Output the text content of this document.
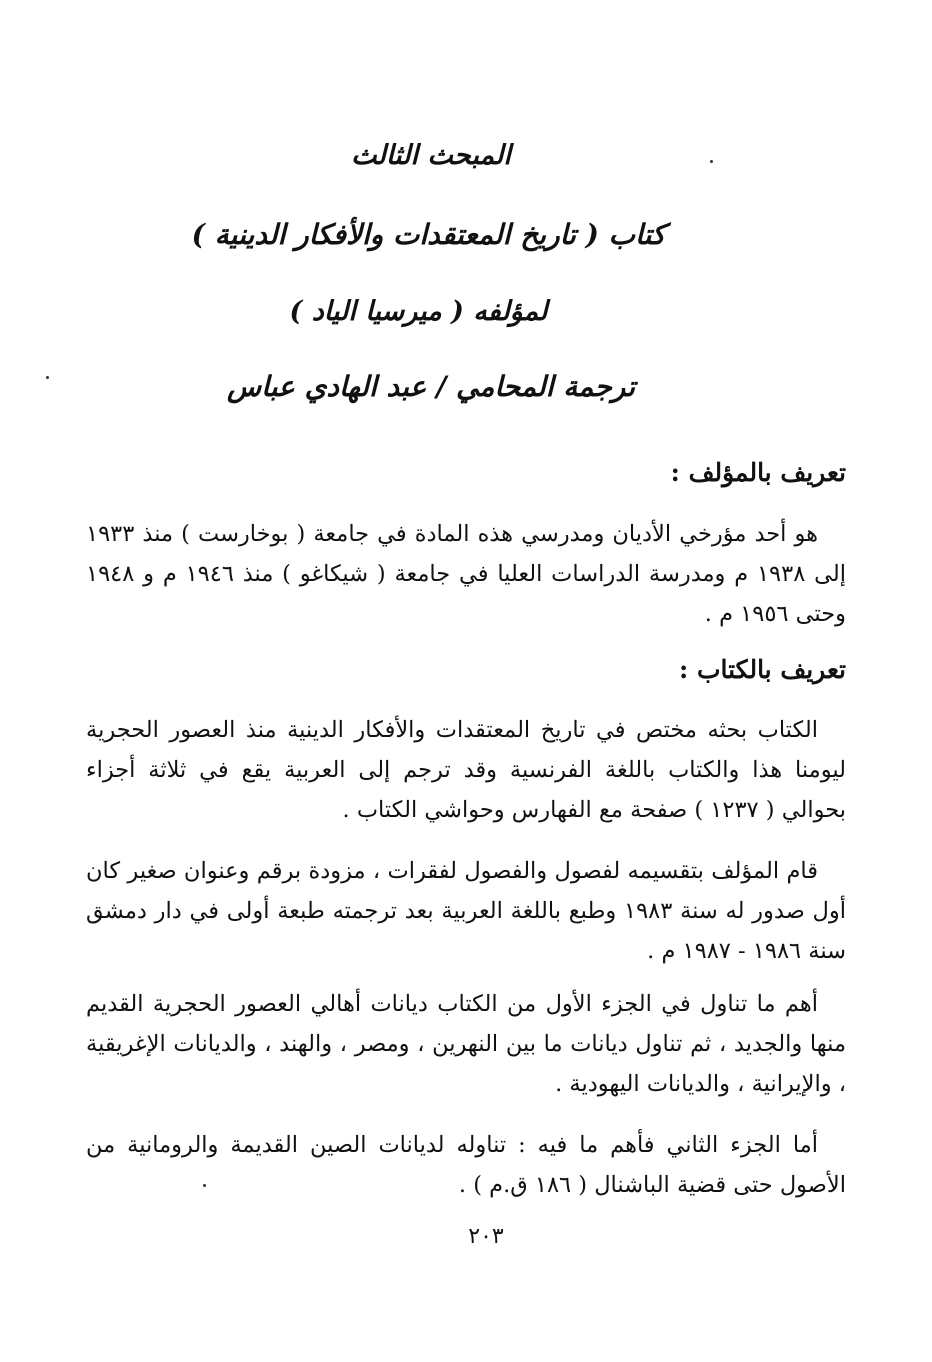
المبحث الثالث
كتاب ( تاريخ المعتقدات والأفكار الدينية )
لمؤلفه ( ميرسيا الياد )
ترجمة المحامي / عبد الهادي عباس
تعريف بالمؤلف :
هو أحد مؤرخي الأديان ومدرسي هذه المادة في جامعة ( بوخارست ) منذ ١٩٣٣ إلى ١٩٣٨ م ومدرسة الدراسات العليا في جامعة ( شيكاغو ) منذ ١٩٤٦ م و ١٩٤٨ وحتى ١٩٥٦ م .
تعريف بالكتاب :
الكتاب بحثه مختص في تاريخ المعتقدات والأفكار الدينية منذ العصور الحجرية ليومنا هذا والكتاب باللغة الفرنسية وقد ترجم إلى العربية يقع في ثلاثة أجزاء بحوالي ( ١٢٣٧ ) صفحة مع الفهارس وحواشي الكتاب .
قام المؤلف بتقسيمه لفصول والفصول لفقرات ، مزودة برقم وعنوان صغير كان أول صدور له سنة ١٩٨٣ وطبع باللغة العربية بعد ترجمته طبعة أولى في دار دمشق سنة ١٩٨٦ - ١٩٨٧ م .
أهم ما تناول في الجزء الأول من الكتاب ديانات أهالي العصور الحجرية القديم منها والجديد ، ثم تناول ديانات ما بين النهرين ، ومصر ، والهند ، والديانات الإغريقية ، والإيرانية ، والديانات اليهودية .
أما الجزء الثاني فأهم ما فيه : تناوله لديانات الصين القديمة والرومانية من الأصول حتى قضية الباشنال ( ١٨٦ ق.م ) .
٢٠٣
